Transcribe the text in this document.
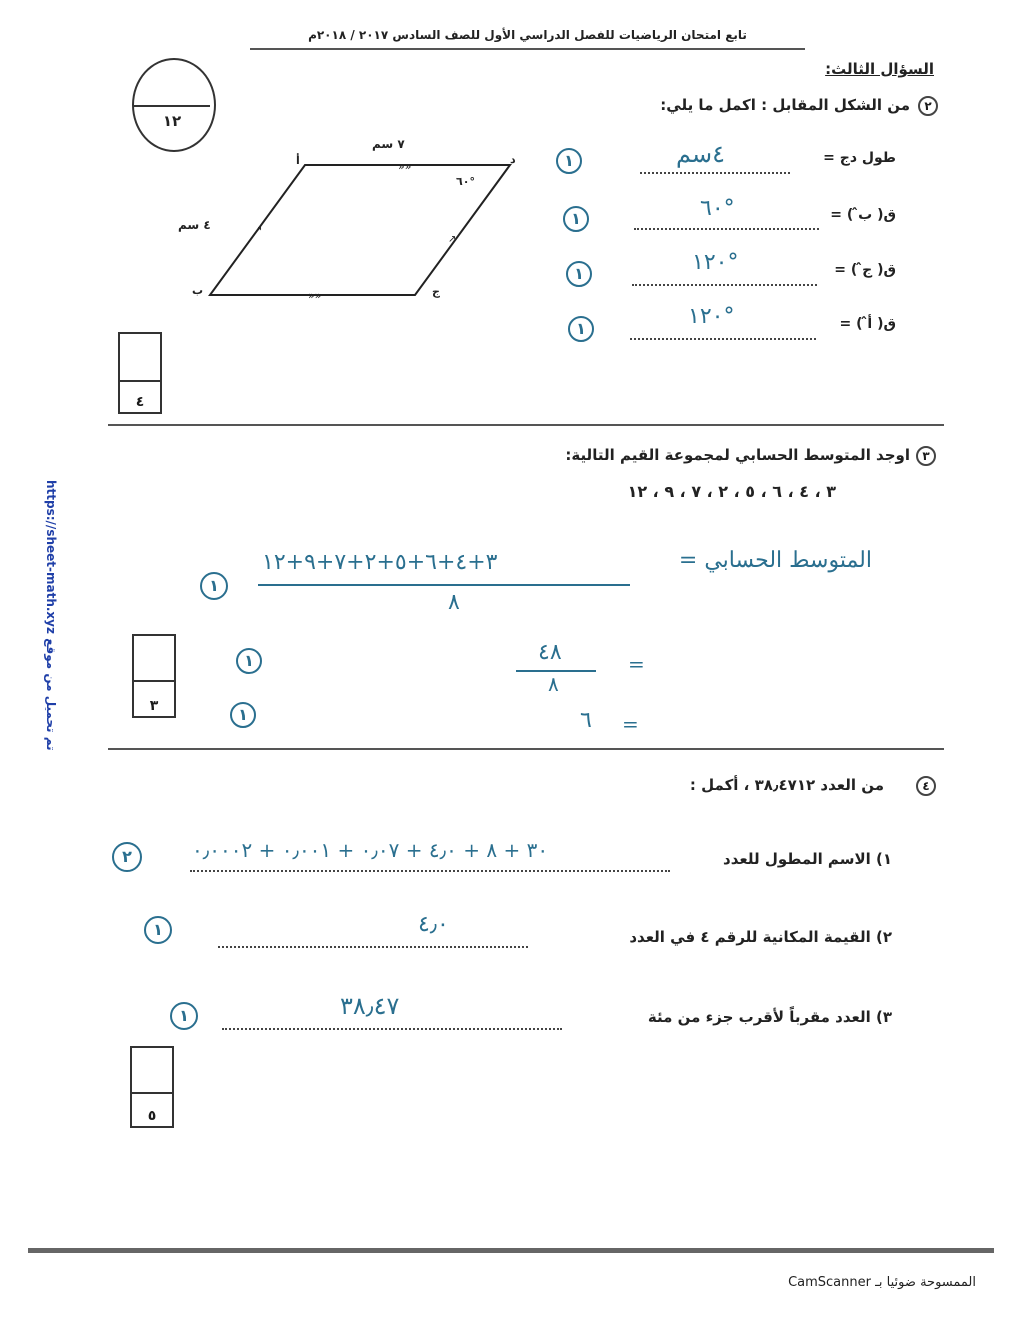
تابع امتحان الرياضيات للفصل الدراسي الأول للصف السادس ٢٠١٧ / ٢٠١٨م
١٢
السؤال الثالث:
٢
من الشكل المقابل : اكمل ما يلي:
»»
»»
↗
↗
٧ سم
٤ سم
٦٠°
د
أ
ب	ج
طول دج =
٤سم
١
ق( ب̂ ) =
٦٠°
١
ق( ج̂ ) =
١٢٠°
١
ق( أ̂ ) =
١٢٠°
١
٤
٣
اوجد المتوسط الحسابي لمجموعة القيم التالية:
٣ ، ٤ ، ٦ ، ٥ ، ٢ ، ٧ ، ٩ ، ١٢
المتوسط الحسابي =
٣+٤+٦+٥+٢+٧+٩+١٢
٨
١
٤٨
٨
=
١
٦ =
١
٣
٤
من العدد ٣٨٫٤٧١٢ ، أكمل :
١) الاسم المطول للعدد
٣٠ + ٨ + ٤٫٠ + ٠٫٠٧ + ٠٫٠٠١ + ٠٫٠٠٠٢
٢
٢) القيمة المكانية للرقم ٤ في العدد
٤٫٠
١
٣) العدد مقرباً لأقرب جزء من مئة
٣٨٫٤٧
١
٥
https://sheet-math.xyz تم تحميل من موقع
الممسوحة ضوئيا بـ CamScanner
